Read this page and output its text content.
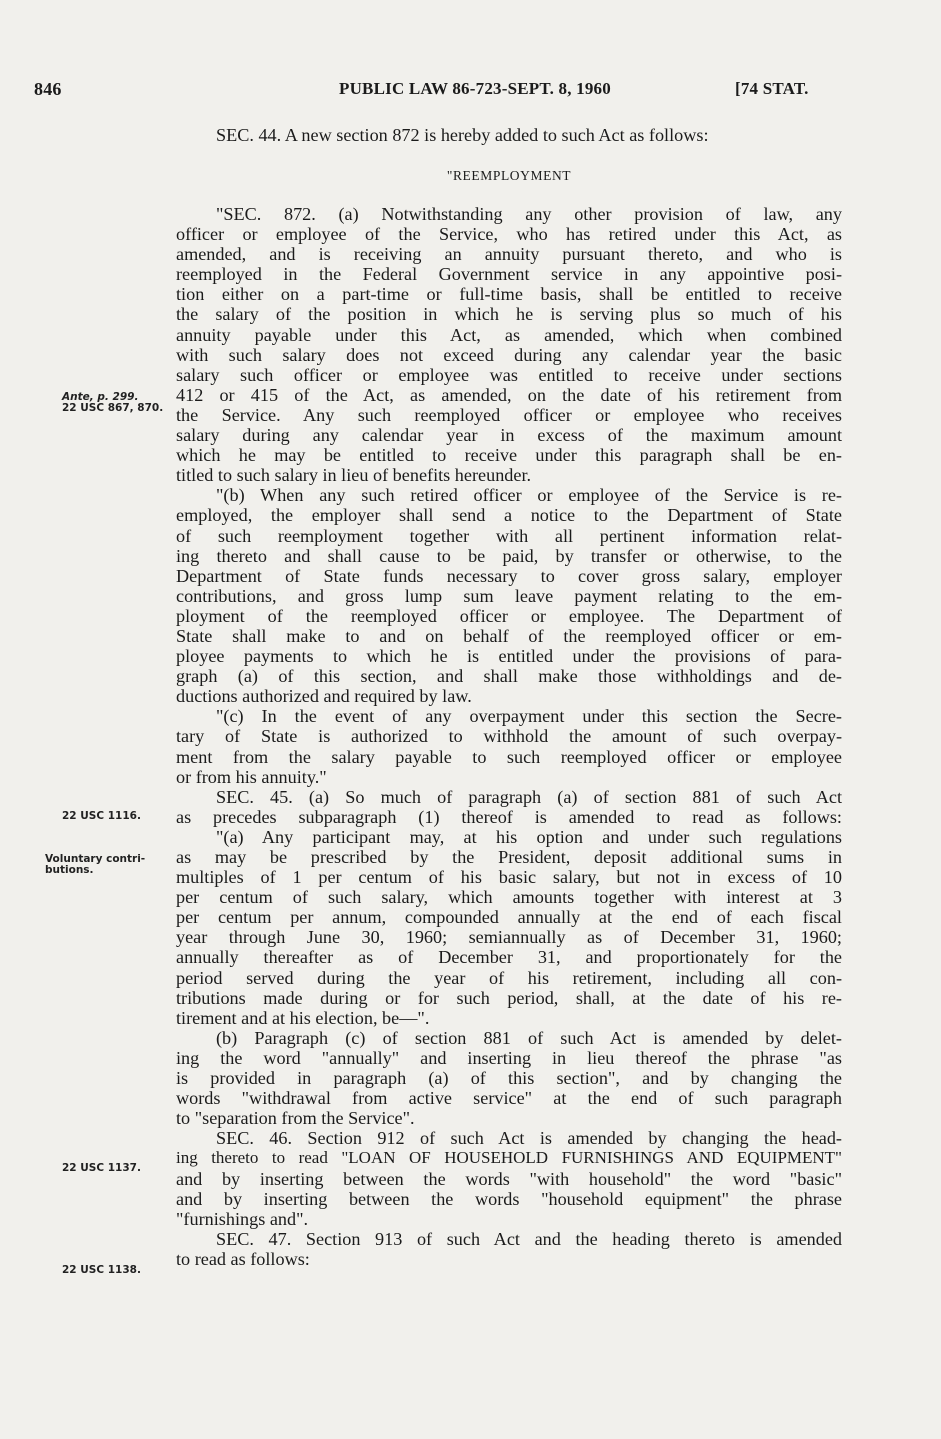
846	PUBLIC LAW 86-723-SEPT. 8, 1960	[74 STAT.
Ante, p. 299.
22 USC 867, 870.
22 USC 1116.
Voluntary contri-
butions.
22 USC 1137.
22 USC 1138.
SEC. 44. A new section 872 is hereby added to such Act as follows:
"REEMPLOYMENT
"SEC. 872. (a) Notwithstanding any other provision of law, any
officer or employee of the Service, who has retired under this Act, as
amended, and is receiving an annuity pursuant thereto, and who is
reemployed in the Federal Government service in any appointive posi-
tion either on a part-time or full-time basis, shall be entitled to receive
the salary of the position in which he is serving plus so much of his
annuity payable under this Act, as amended, which when combined
with such salary does not exceed during any calendar year the basic
salary such officer or employee was entitled to receive under sections
412 or 415 of the Act, as amended, on the date of his retirement from
the Service. Any such reemployed officer or employee who receives
salary during any calendar year in excess of the maximum amount
which he may be entitled to receive under this paragraph shall be en-
titled to such salary in lieu of benefits hereunder.
"(b) When any such retired officer or employee of the Service is re-
employed, the employer shall send a notice to the Department of State
of such reemployment together with all pertinent information relat-
ing thereto and shall cause to be paid, by transfer or otherwise, to the
Department of State funds necessary to cover gross salary, employer
contributions, and gross lump sum leave payment relating to the em-
ployment of the reemployed officer or employee. The Department of
State shall make to and on behalf of the reemployed officer or em-
ployee payments to which he is entitled under the provisions of para-
graph (a) of this section, and shall make those withholdings and de-
ductions authorized and required by law.
"(c) In the event of any overpayment under this section the Secre-
tary of State is authorized to withhold the amount of such overpay-
ment from the salary payable to such reemployed officer or employee
or from his annuity."
SEC. 45. (a) So much of paragraph (a) of section 881 of such Act
as precedes subparagraph (1) thereof is amended to read as follows:
"(a) Any participant may, at his option and under such regulations
as may be prescribed by the President, deposit additional sums in
multiples of 1 per centum of his basic salary, but not in excess of 10
per centum of such salary, which amounts together with interest at 3
per centum per annum, compounded annually at the end of each fiscal
year through June 30, 1960; semiannually as of December 31, 1960;
annually thereafter as of December 31, and proportionately for the
period served during the year of his retirement, including all con-
tributions made during or for such period, shall, at the date of his re-
tirement and at his election, be—".
(b) Paragraph (c) of section 881 of such Act is amended by delet-
ing the word "annually" and inserting in lieu thereof the phrase "as
is provided in paragraph (a) of this section", and by changing the
words "withdrawal from active service" at the end of such paragraph
to "separation from the Service".
SEC. 46. Section 912 of such Act is amended by changing the head-
ing thereto to read "LOAN OF HOUSEHOLD FURNISHINGS AND EQUIPMENT"
and by inserting between the words "with household" the word "basic"
and by inserting between the words "household equipment" the phrase
"furnishings and".
SEC. 47. Section 913 of such Act and the heading thereto is amended
to read as follows:
